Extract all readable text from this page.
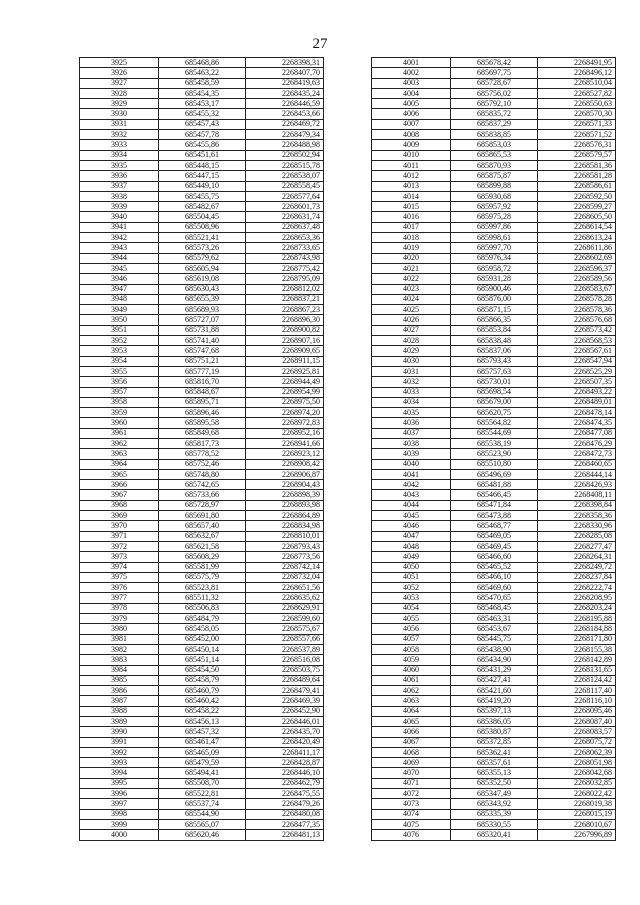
27
3925	685468,86	2268398,31
3926	685463,22	2268407,70
3927	685458,59	2268419,63
3928	685454,35	2268435,24
3929	685453,17	2268446,59
3930	685455,32	2268453,66
3931	685457,43	2268469,72
3932	685457,78	2268479,34
3933	685455,86	2268488,98
3934	685451,61	2268502,94
3935	685448,15	2268515,78
3936	685447,15	2268538,07
3937	685449,10	2268558,45
3938	685455,75	2268577,64
3939	685482,67	2268601,73
3940	685504,45	2268631,74
3941	685508,96	2268637,48
3942	685521,41	2268653,36
3943	685573,26	2268733,65
3944	685579,62	2268743,98
3945	685605,94	2268775,42
3946	685619,08	2268795,09
3947	685630,43	2268812,02
3948	685655,39	2268837,21
3949	685689,93	2268867,23
3950	685727,07	2268896,30
3951	685731,88	2268900,82
3952	685741,40	2268907,16
3953	685747,68	2268909,65
3954	685751,21	2268911,15
3955	685777,19	2268925,81
3956	685816,70	2268944,49
3957	685848,67	2268954,99
3958	685895,71	2268975,50
3959	685896,46	2268974,20
3960	685895,58	2268972,83
3961	685849,68	2268952,16
3962	685817,73	2268941,66
3963	685778,52	2268923,12
3964	685752,46	2268908,42
3965	685748,80	2268906,87
3966	685742,65	2268904,43
3967	685733,66	2268898,39
3968	685728,97	2268893,98
3969	685691,80	2268864,89
3970	685657,40	2268834,98
3971	685632,67	2268810,01
3972	685621,58	2268793,43
3973	685608,29	2268773,56
3974	685581,99	2268742,14
3975	685575,79	2268732,04
3976	685523,81	2268651,56
3977	685511,32	2268635,62
3978	685506,83	2268629,91
3979	685484,79	2268599,60
3980	685458,05	2268575,67
3981	685452,00	2268557,66
3982	685450,14	2268537,89
3983	685451,14	2268516,08
3984	685454,50	2268503,75
3985	685458,79	2268489,64
3986	685460,79	2268479,41
3987	685460,42	2268469,39
3988	685458,22	2268452,90
3989	685456,13	2268446,01
3990	685457,32	2268435,70
3991	685461,47	2268420,49
3992	685465,09	2268411,17
3993	685479,59	2268428,87
3994	685494,41	2268446,10
3995	685508,70	2268462,79
3996	685522,81	2268475,55
3997	685537,74	2268479,26
3998	685544,90	2268480,08
3999	685565,07	2268477,35
4000	685620,46	2268481,13
4001	685678,42	2268491,95
4002	685697,75	2268496,12
4003	685728,67	2268510,04
4004	685756,02	2268527,82
4005	685792,10	2268550,63
4006	685835,72	2268570,30
4007	685837,29	2268571,33
4008	685838,85	2268571,52
4009	685853,03	2268576,31
4010	685865,53	2268579,57
4011	685870,93	2268581,36
4012	685875,87	2268581,28
4013	685899,88	2268586,61
4014	685930,68	2268592,50
4015	685957,92	2268599,27
4016	685975,28	2268605,50
4017	685997,86	2268614,54
4018	685998,61	2268613,24
4019	685997,70	2268611,86
4020	685976,34	2268602,69
4021	685958,72	2268596,37
4022	685931,28	2268589,56
4023	685900,46	2268583,67
4024	685876,00	2268578,28
4025	685871,15	2268578,36
4026	685866,35	2268576,68
4027	685853,84	2268573,42
4028	685838,48	2268568,53
4029	685837,06	2268567,61
4030	685793,43	2268547,94
4031	685757,63	2268525,29
4032	685730,01	2268507,35
4033	685698,54	2268493,22
4034	685679,00	2268489,01
4035	685620,75	2268478,14
4036	685564,82	2268474,35
4037	685544,69	2268477,08
4038	685538,19	2268476,29
4039	685523,90	2268472,73
4040	685510,80	2268460,65
4041	685496,69	2268444,14
4042	685481,88	2268426,93
4043	685466,45	2268408,11
4044	685471,84	2268398,84
4045	685473,88	2268358,36
4046	685468,77	2268330,96
4047	685469,05	2268285,08
4048	685469,45	2268277,47
4049	685466,60	2268264,31
4050	685465,52	2268249,72
4051	685466,10	2268237,84
4052	685469,60	2268222,74
4053	685470,65	2268208,95
4054	685468,45	2268203,24
4055	685463,31	2268195,88
4056	685453,67	2268184,88
4057	685445,75	2268171,80
4058	685438,90	2268155,38
4059	685434,90	2268142,89
4060	685431,29	2268131,65
4061	685427,41	2268124,42
4062	685421,60	2268117,40
4063	685419,20	2268116,10
4064	685397,13	2268095,46
4065	685386,05	2268087,40
4066	685380,87	2268083,57
4067	685372,85	2268075,72
4068	685362,41	2268062,39
4069	685357,61	2268051,98
4070	685355,13	2268042,68
4071	685352,50	2268032,85
4072	685347,49	2268022,42
4073	685343,92	2268019,38
4074	685335,39	2268015,19
4075	685330,55	2268010,67
4076	685320,41	2267996,89
